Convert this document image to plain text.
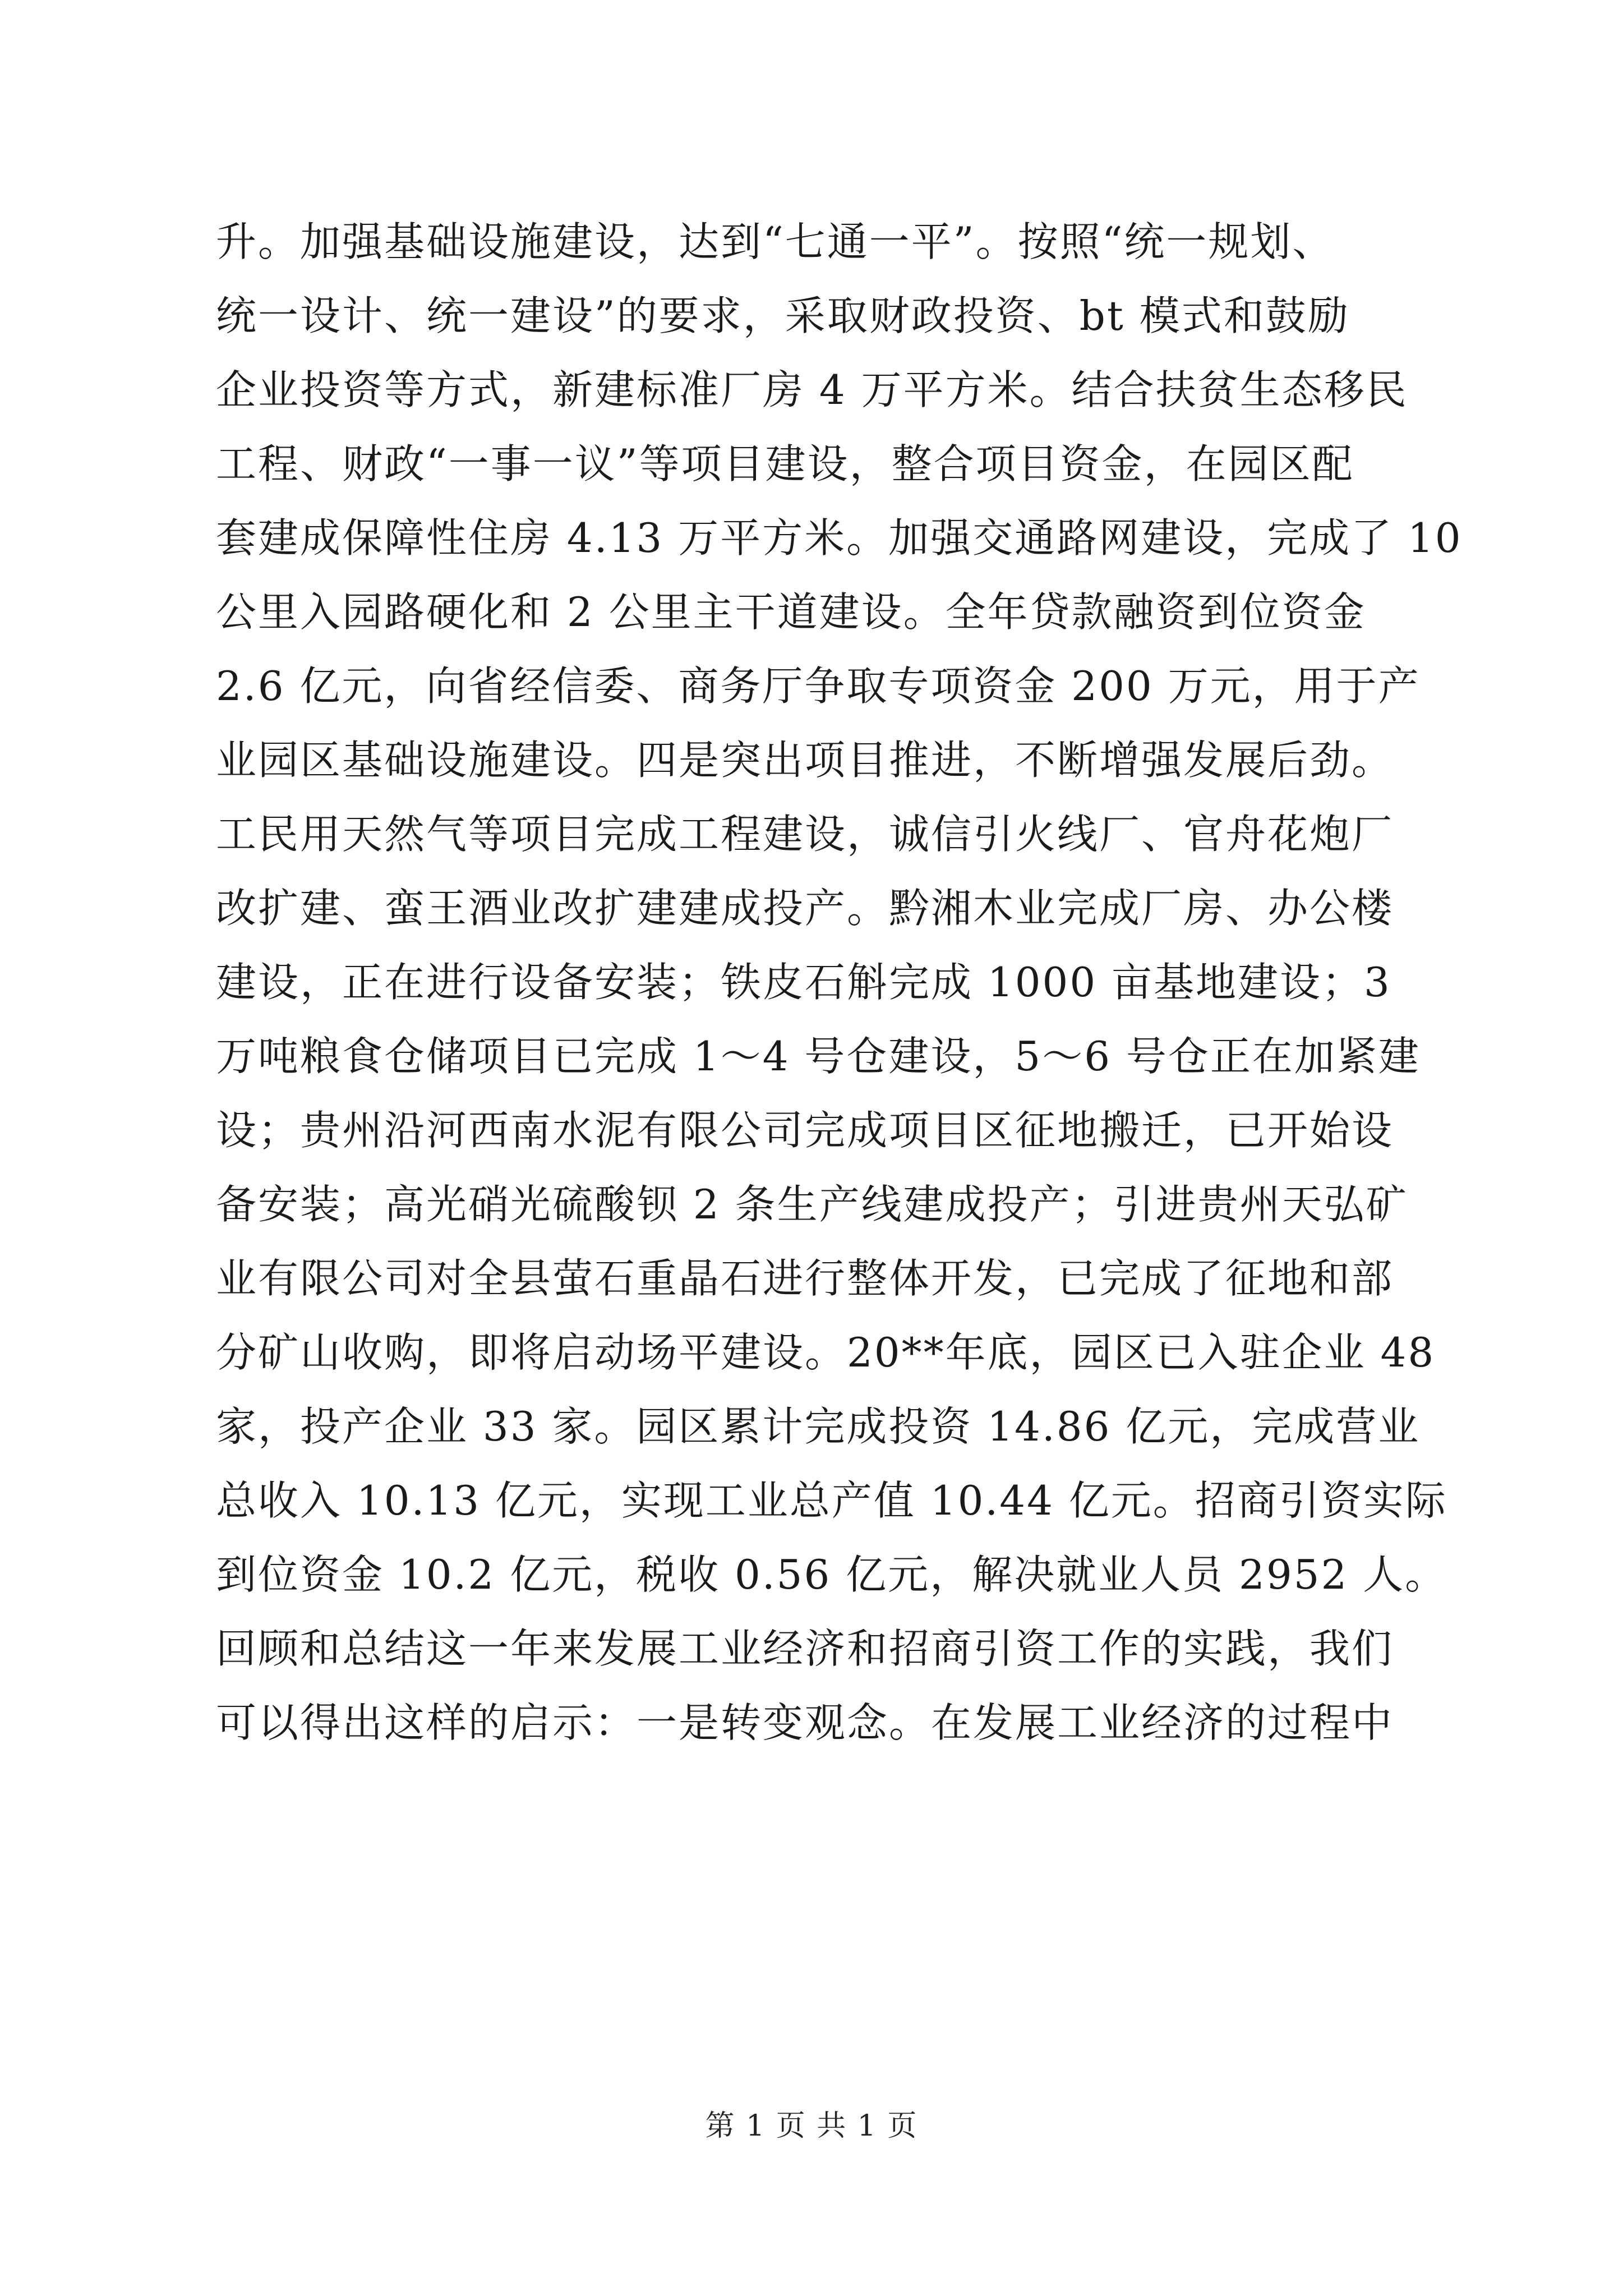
升。加强基础设施建设，达到“七通一平”。按照“统一规划、
统一设计、统一建设”的要求，采取财政投资、bt 模式和鼓励
企业投资等方式，新建标准厂房 4 万平方米。结合扶贫生态移民
工程、财政“一事一议”等项目建设，整合项目资金，在园区配
套建成保障性住房 4.13 万平方米。加强交通路网建设，完成了 10
公里入园路硬化和 2 公里主干道建设。全年贷款融资到位资金
2.6 亿元，向省经信委、商务厅争取专项资金 200 万元，用于产
业园区基础设施建设。四是突出项目推进，不断增强发展后劲。
工民用天然气等项目完成工程建设，诚信引火线厂、官舟花炮厂
改扩建、蛮王酒业改扩建建成投产。黔湘木业完成厂房、办公楼
建设，正在进行设备安装；铁皮石斛完成 1000 亩基地建设；3
万吨粮食仓储项目已完成 1～4 号仓建设，5～6 号仓正在加紧建
设；贵州沿河西南水泥有限公司完成项目区征地搬迁，已开始设
备安装；高光硝光硫酸钡 2 条生产线建成投产；引进贵州天弘矿
业有限公司对全县萤石重晶石进行整体开发，已完成了征地和部
分矿山收购，即将启动场平建设。20**年底，园区已入驻企业 48
家，投产企业 33 家。园区累计完成投资 14.86 亿元，完成营业
总收入 10.13 亿元，实现工业总产值 10.44 亿元。招商引资实际
到位资金 10.2 亿元，税收 0.56 亿元，解决就业人员 2952 人。
回顾和总结这一年来发展工业经济和招商引资工作的实践，我们
可以得出这样的启示：一是转变观念。在发展工业经济的过程中
第 1 页 共 1 页
